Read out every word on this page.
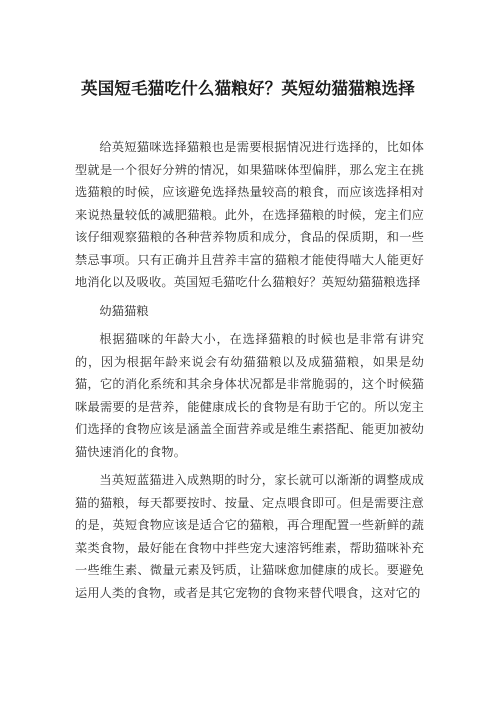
英国短毛猫吃什么猫粮好？英短幼猫猫粮选择

给英短猫咪选择猫粮也是需要根据情况进行选择的，比如体型就是一个很好分辨的情况，如果猫咪体型偏胖，那么宠主在挑选猫粮的时候，应该避免选择热量较高的粮食，而应该选择相对来说热量较低的减肥猫粮。此外，在选择猫粮的时候，宠主们应该仔细观察猫粮的各种营养物质和成分，食品的保质期，和一些禁忌事项。只有正确并且营养丰富的猫粮才能使得喵大人能更好地消化以及吸收。英国短毛猫吃什么猫粮好？英短幼猫猫粮选择

幼猫猫粮

根据猫咪的年龄大小，在选择猫粮的时候也是非常有讲究的，因为根据年龄来说会有幼猫猫粮以及成猫猫粮，如果是幼猫，它的消化系统和其余身体状况都是非常脆弱的，这个时候猫咪最需要的是营养，能健康成长的食物是有助于它的。所以宠主们选择的食物应该是涵盖全面营养或是维生素搭配、能更加被幼猫快速消化的食物。

当英短蓝猫进入成熟期的时分，家长就可以渐渐的调整成成猫的猫粮，每天都要按时、按量、定点喂食即可。但是需要注意的是，英短食物应该是适合它的猫粮，再合理配置一些新鲜的蔬菜类食物，最好能在食物中拌些宠大速溶钙维素，帮助猫咪补充一些维生素、微量元素及钙质，让猫咪愈加健康的成长。要避免运用人类的食物，或者是其它宠物的食物来替代喂食，这对它的
